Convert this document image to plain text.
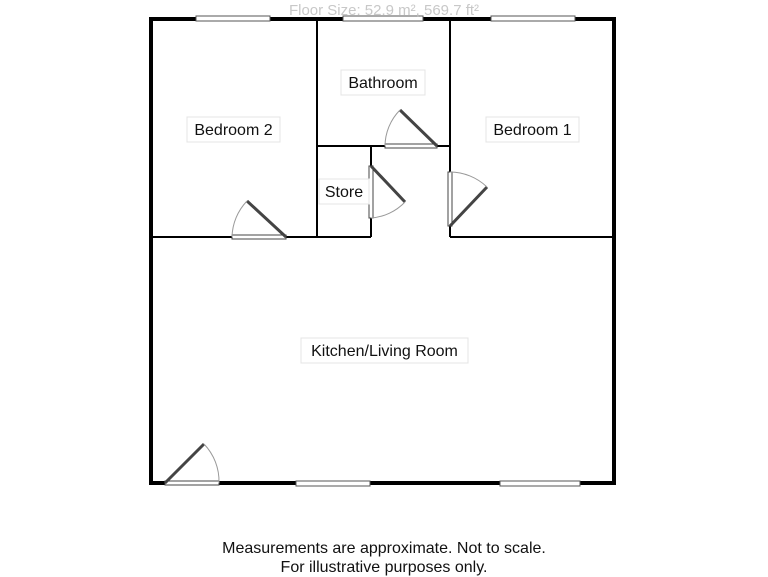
Bedroom 2
Bathroom
Bedroom 1
Store
Kitchen/Living Room
Floor Size: 52.9 m², 569.7 ft²
Measurements are approximate. Not to scale.
For illustrative purposes only.
